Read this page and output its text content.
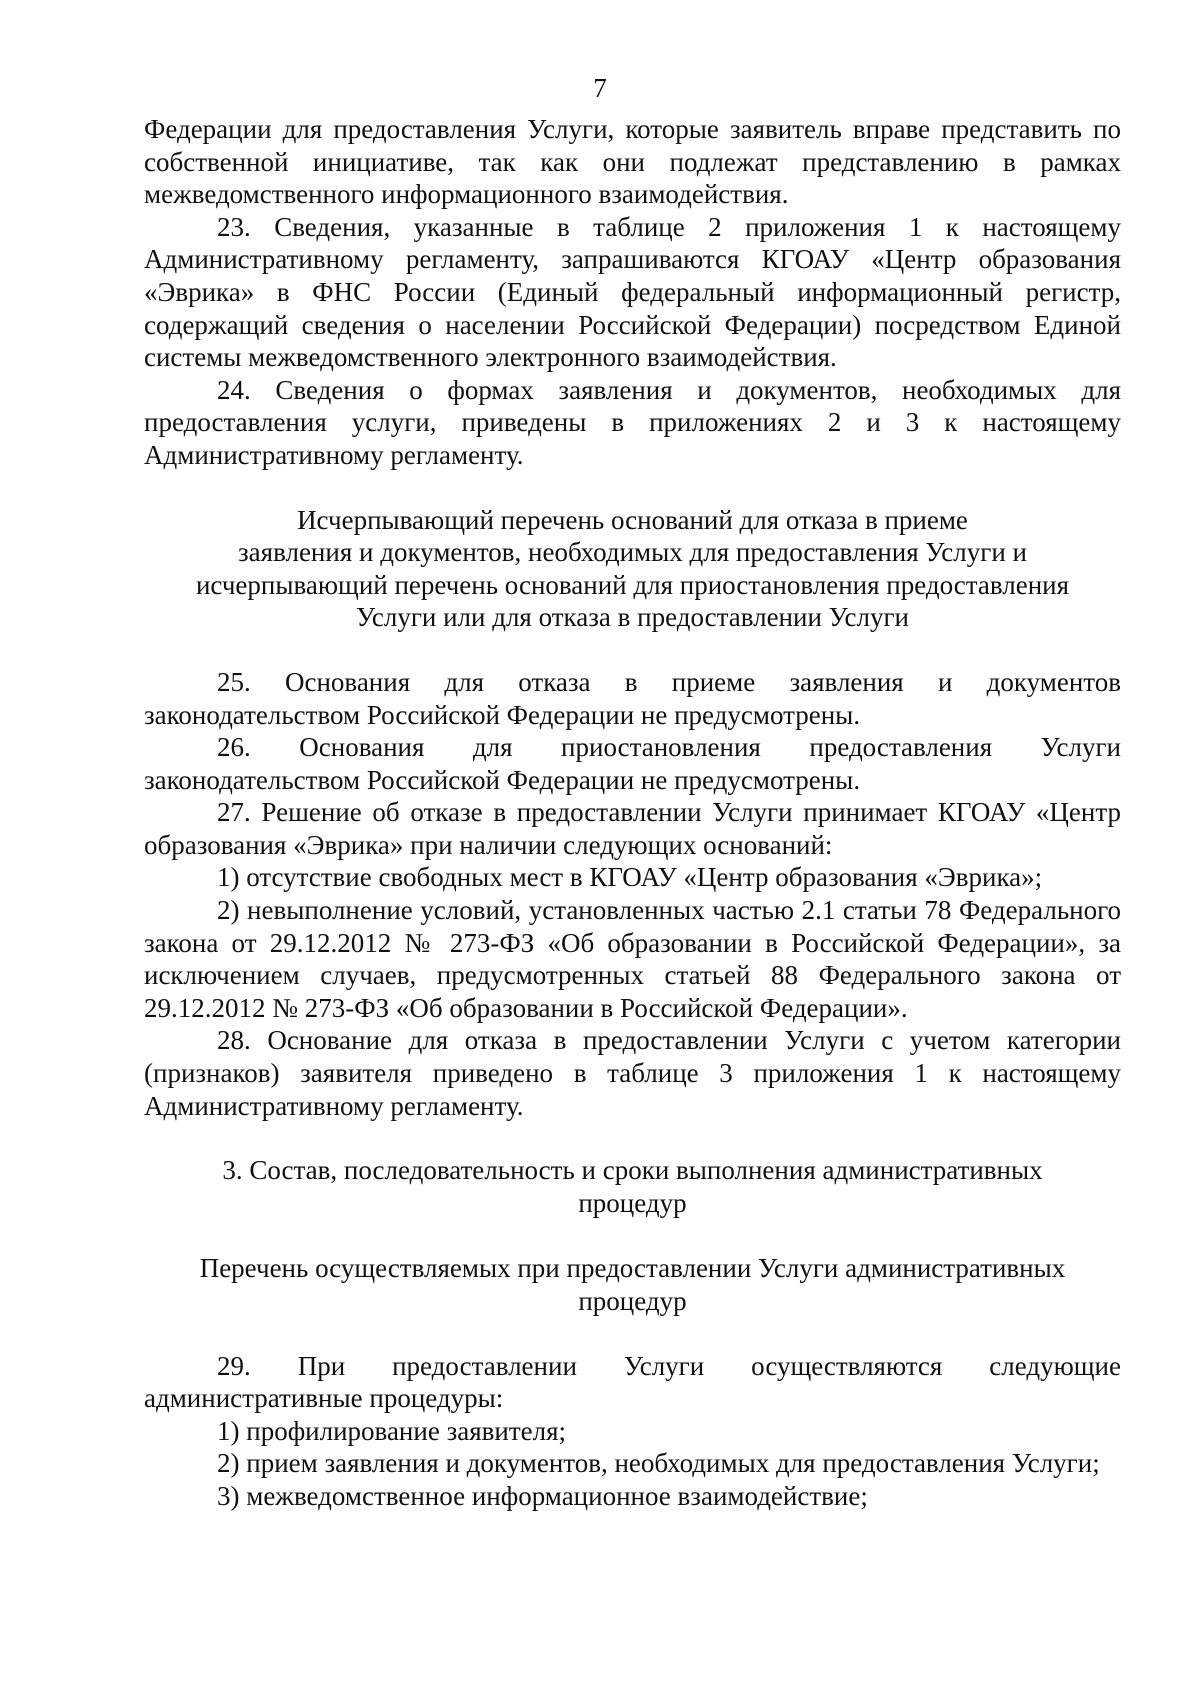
7

Федерации для предоставления Услуги, которые заявитель вправе представить по собственной инициативе, так как они подлежат представлению в рамках межведомственного информационного взаимодействия.

23. Сведения, указанные в таблице 2 приложения 1 к настоящему Административному регламенту, запрашиваются КГОАУ «Центр образования «Эврика» в ФНС России (Единый федеральный информационный регистр, содержащий сведения о населении Российской Федерации) посредством Единой системы межведомственного электронного взаимодействия.

24. Сведения о формах заявления и документов, необходимых для предоставления услуги, приведены в приложениях 2 и 3 к настоящему Административному регламенту.

Исчерпывающий перечень оснований для отказа в приеме

заявления и документов, необходимых для предоставления Услуги и

исчерпывающий перечень оснований для приостановления предоставления

Услуги или для отказа в предоставлении Услуги

25. Основания для отказа в приеме заявления и документов законодательством Российской Федерации не предусмотрены.

26. Основания для приостановления предоставления Услуги законодательством Российской Федерации не предусмотрены.

27. Решение об отказе в предоставлении Услуги принимает КГОАУ «Центр образования «Эврика» при наличии следующих оснований:

1) отсутствие свободных мест в КГОАУ «Центр образования «Эврика»;

2) невыполнение условий, установленных частью 2.1 статьи 78 Федерального закона от 29.12.2012 № 273-ФЗ «Об образовании в Российской Федерации», за исключением случаев, предусмотренных статьей 88 Федерального закона от 29.12.2012 № 273-ФЗ «Об образовании в Российской Федерации».

28. Основание для отказа в предоставлении Услуги с учетом категории (признаков) заявителя приведено в таблице 3 приложения 1 к настоящему Административному регламенту.

3. Состав, последовательность и сроки выполнения административных

процедур

Перечень осуществляемых при предоставлении Услуги административных

процедур

29. При предоставлении Услуги осуществляются следующие административные процедуры:

1) профилирование заявителя;

2) прием заявления и документов, необходимых для предоставления Услуги;

3) межведомственное информационное взаимодействие;
